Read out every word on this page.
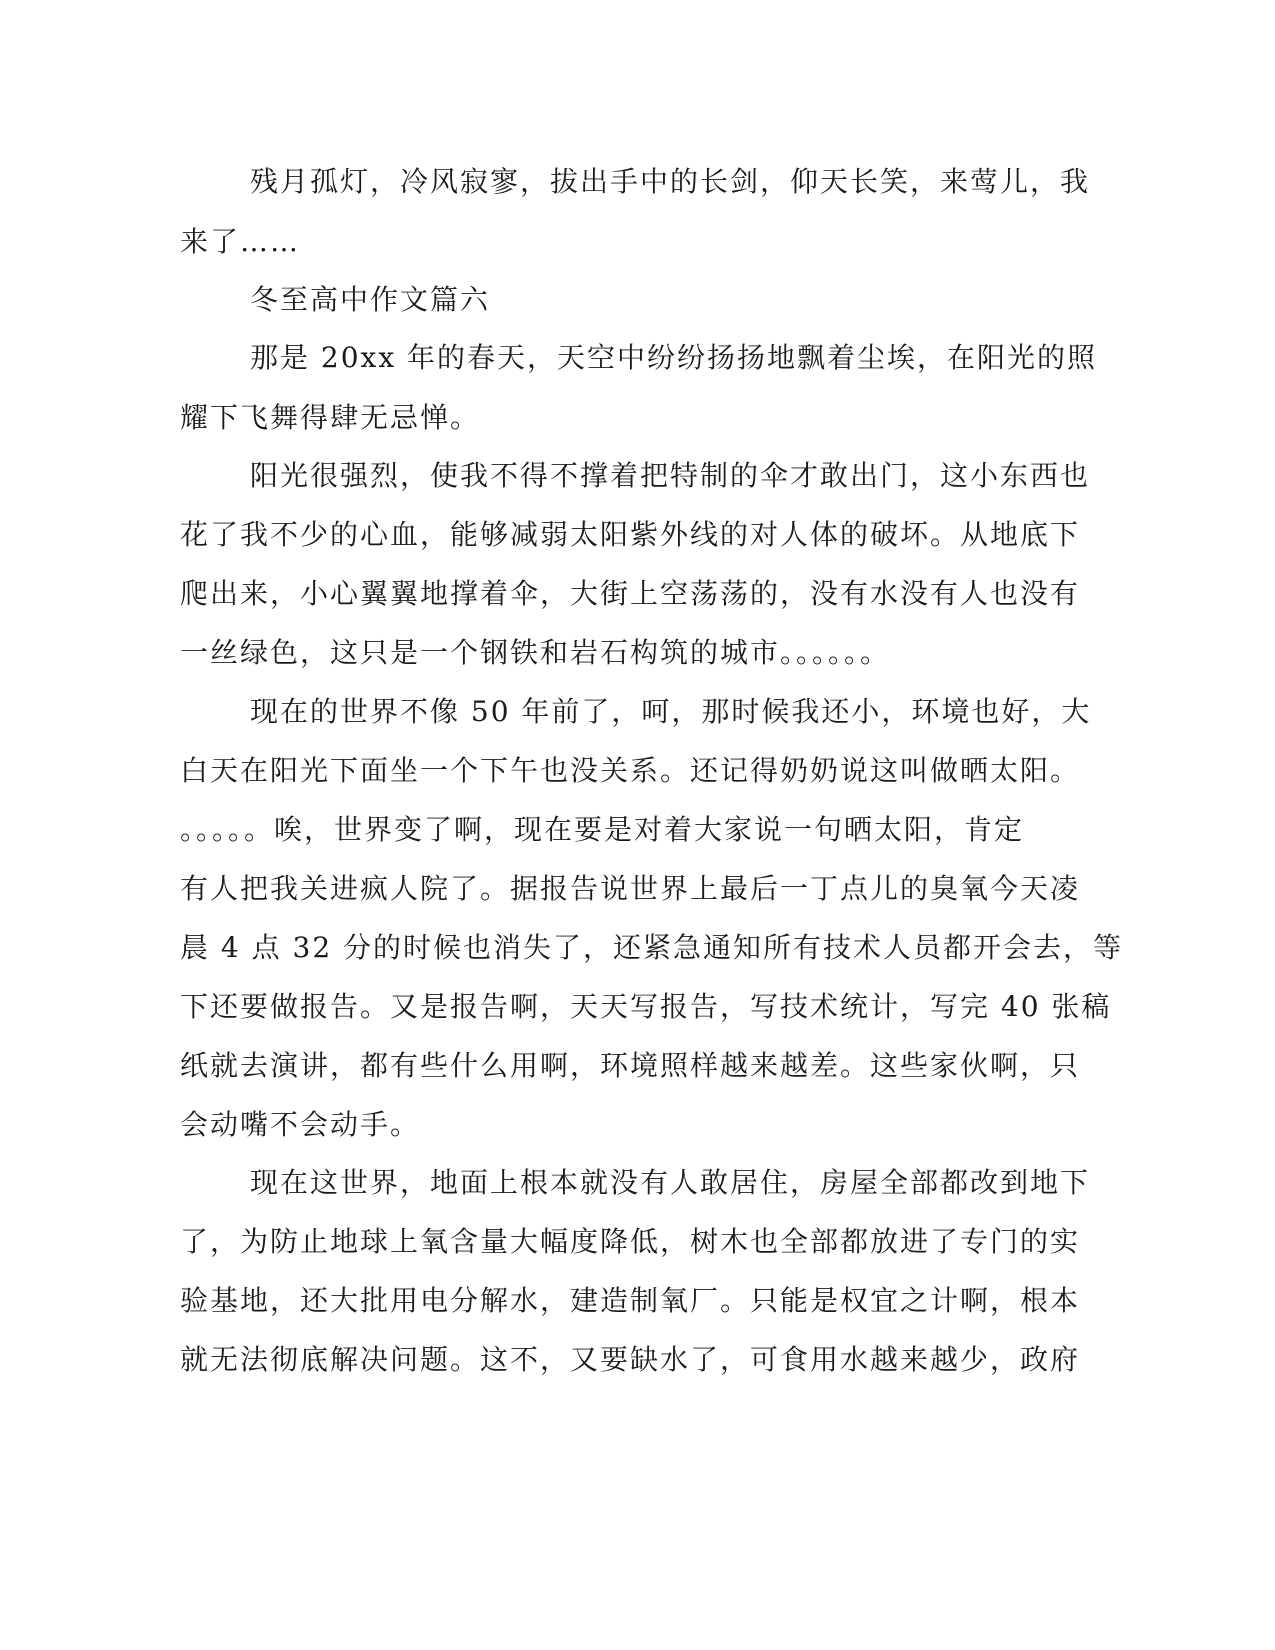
残月孤灯，冷风寂寥，拔出手中的长剑，仰天长笑，来莺儿，我
来了……
冬至高中作文篇六
那是 20xx 年的春天，天空中纷纷扬扬地飘着尘埃，在阳光的照
耀下飞舞得肆无忌惮。
阳光很强烈，使我不得不撑着把特制的伞才敢出门，这小东西也
花了我不少的心血，能够减弱太阳紫外线的对人体的破坏。从地底下
爬出来，小心翼翼地撑着伞，大街上空荡荡的，没有水没有人也没有
一丝绿色，这只是一个钢铁和岩石构筑的城市。。。。。。
现在的世界不像 50 年前了，呵，那时候我还小，环境也好，大
白天在阳光下面坐一个下午也没关系。还记得奶奶说这叫做晒太阳。
。。。。。唉，世界变了啊，现在要是对着大家说一句晒太阳，肯定
有人把我关进疯人院了。据报告说世界上最后一丁点儿的臭氧今天凌
晨 4 点 32 分的时候也消失了，还紧急通知所有技术人员都开会去，等
下还要做报告。又是报告啊，天天写报告，写技术统计，写完 40 张稿
纸就去演讲，都有些什么用啊，环境照样越来越差。这些家伙啊，只
会动嘴不会动手。
现在这世界，地面上根本就没有人敢居住，房屋全部都改到地下
了，为防止地球上氧含量大幅度降低，树木也全部都放进了专门的实
验基地，还大批用电分解水，建造制氧厂。只能是权宜之计啊，根本
就无法彻底解决问题。这不，又要缺水了，可食用水越来越少，政府
